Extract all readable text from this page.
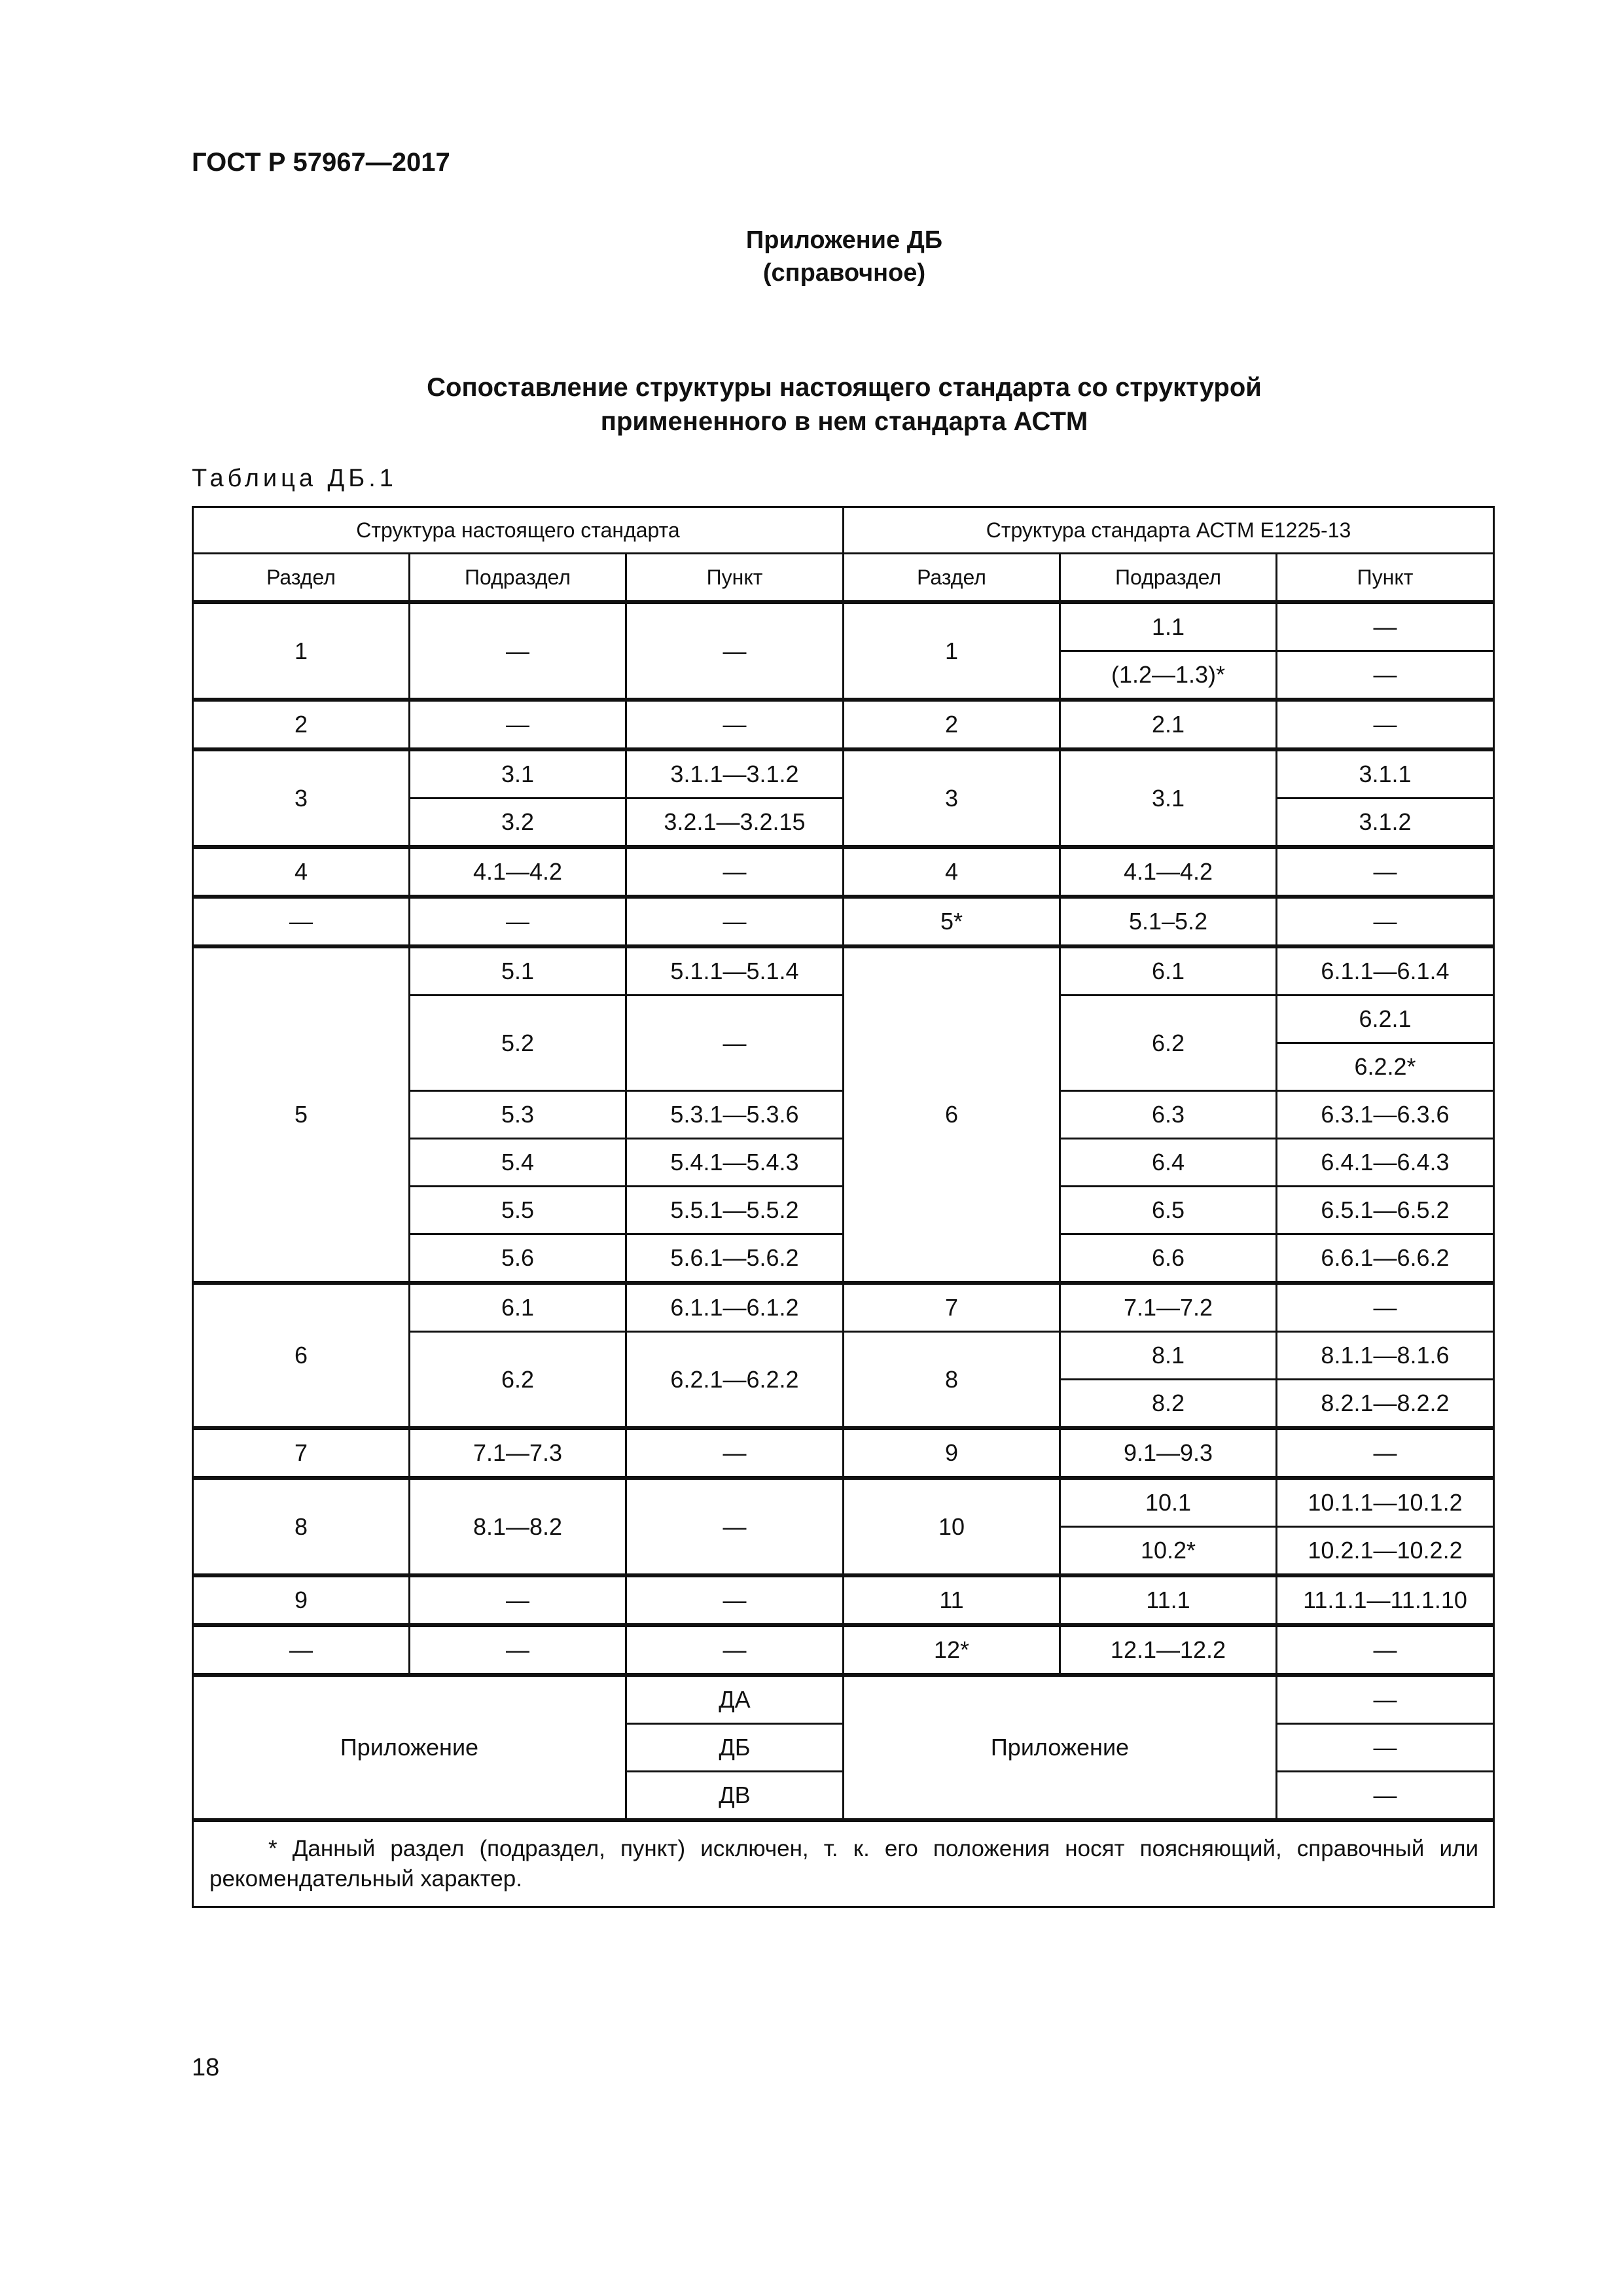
ГОСТ Р 57967—2017
Приложение ДБ
(справочное)
Сопоставление структуры настоящего стандарта со структурой
примененного в нем стандарта АСТМ
Таблица ДБ.1
Структура настоящего стандарта			Структура стандарта АСТМ E1225-13		
Раздел	Подраздел	Пункт	Раздел	Подраздел	Пункт
1	—	—	1	1.1	—
				(1.2—1.3)*	—
2	—	—	2	2.1	—
3	3.1	3.1.1—3.1.2	3	3.1	3.1.1
	3.2	3.2.1—3.2.15			3.1.2
4	4.1—4.2	—	4	4.1—4.2	—
—	—	—	5*	5.1–5.2	—
5	5.1	5.1.1—5.1.4	6	6.1	6.1.1—6.1.4
	5.2	—		6.2	6.2.1
					6.2.2*
	5.3	5.3.1—5.3.6		6.3	6.3.1—6.3.6
	5.4	5.4.1—5.4.3		6.4	6.4.1—6.4.3
	5.5	5.5.1—5.5.2		6.5	6.5.1—6.5.2
	5.6	5.6.1—5.6.2		6.6	6.6.1—6.6.2
6	6.1	6.1.1—6.1.2	7	7.1—7.2	—
	6.2	6.2.1—6.2.2	8	8.1	8.1.1—8.1.6
				8.2	8.2.1—8.2.2
7	7.1—7.3	—	9	9.1—9.3	—
8	8.1—8.2	—	10	10.1	10.1.1—10.1.2
				10.2*	10.2.1—10.2.2
9	—	—	11	11.1	11.1.1—11.1.10
—	—	—	12*	12.1—12.2	—
Приложение		ДА	Приложение		—
		ДБ			—
		ДВ			—

* Данный раздел (подраздел, пункт) исключен, т. к. его положения носят поясняющий, справочный или рекомендательный характер.					
18
